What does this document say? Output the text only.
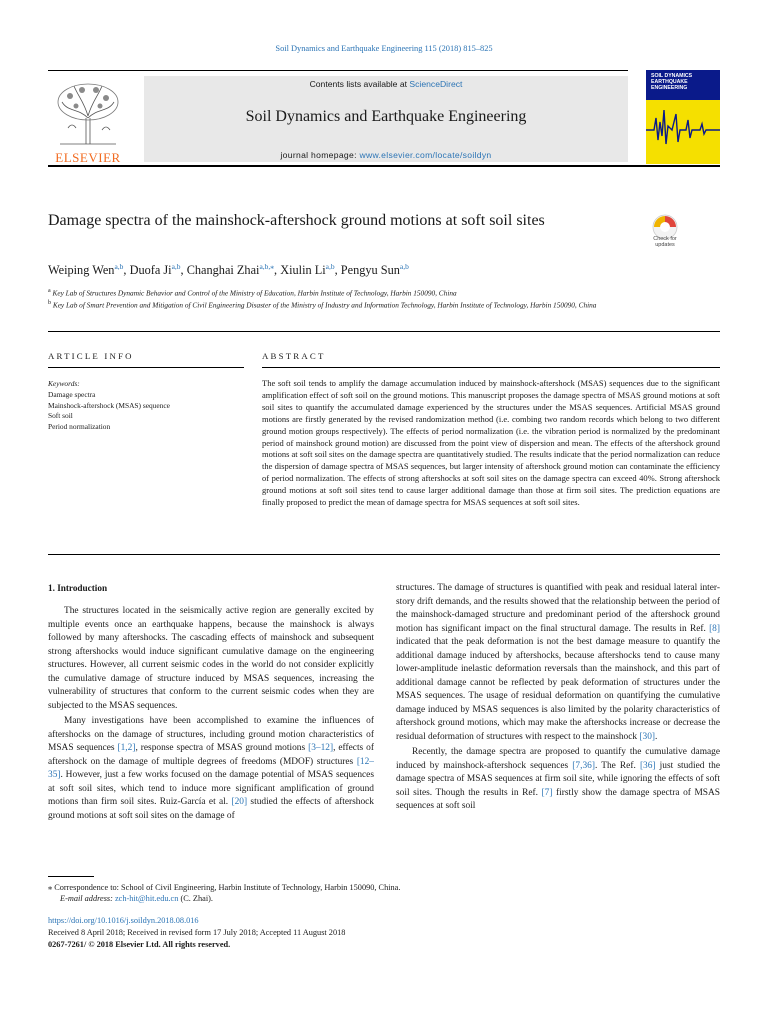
Soil Dynamics and Earthquake Engineering 115 (2018) 815–825
ELSEVIER
Contents lists available at ScienceDirect
Soil Dynamics and Earthquake Engineering
journal homepage: www.elsevier.com/locate/soildyn
SOIL DYNAMICS EARTHQUAKE ENGINEERING
Damage spectra of the mainshock-aftershock ground motions at soft soil sites
Check for updates
Weiping Wen$^{a,b}$, Duofa Ji$^{a,b}$, Changhai Zhai$^{a,b,⁎}$, Xiulin Li$^{a,b}$, Pengyu Sun$^{a,b}$
$^a$ Key Lab of Structures Dynamic Behavior and Control of the Ministry of Education, Harbin Institute of Technology, Harbin 150090, China
$^b$ Key Lab of Smart Prevention and Mitigation of Civil Engineering Disaster of the Ministry of Industry and Information Technology, Harbin Institute of Technology, Harbin 150090, China
ARTICLE INFO
Keywords:
Damage spectra
Mainshock-aftershock (MSAS) sequence
Soft soil
Period normalization
ABSTRACT
The soft soil tends to amplify the damage accumulation induced by mainshock-aftershock (MSAS) sequences due to the significant amplification effect of soft soil on the ground motions. This manuscript proposes the damage spectra of MSAS ground motions at soft soil sites to quantify the accumulated damage experienced by the structures under the MSAS sequences. Artificial MSAS ground motions are firstly generated by the revised randomization method (i.e. combing two random records which belong to two different ground motion groups respectively). The effects of period normalization (i.e. the vibration period is normalized by the predominant period of mainshock ground motion) are discussed from the point view of dispersion and mean. The effects of the aftershock ground motions at soft soil sites on the damage spectra are quantitatively studied. The results indicate that the period normalization can reduce the dispersion of damage spectra of MSAS sequences, but larger intensity of aftershock ground motion can contaminate the efficiency of period normalization. The effects of strong aftershocks at soft soil sites on the damage spectra can exceed 40%. Strong aftershock ground motions at soft soil sites tend to cause larger additional damage than those at firm soil sites. The prediction equations are finally proposed to predict the mean of damage spectra for MSAS sequences at soft soil sites.
1. Introduction

The structures located in the seismically active region are generally excited by multiple events once an earthquake happens, because the mainshock is always followed by many aftershocks. The cascading effects of mainshock and subsequent strong aftershocks would induce significant cumulative damage on the engineering structures. However, all current seismic codes in the world do not consider explicitly the cumulative damage of structure induced by MSAS sequences, increasing the vulnerability of structures that conform to the current seismic codes when they are subjected to the MSAS sequences.

Many investigations have been accomplished to examine the influences of aftershocks on the damage of structures, including ground motion characteristics of MSAS sequences [1,2], response spectra of MSAS ground motions [3–12], effects of aftershock on the damage of multiple degrees of freedoms (MDOF) structures [12–35]. However, just a few works focused on the damage potential of MSAS sequences at soft soil sites, which tend to induce more significant amplification of ground motions than firm soil sites. Ruiz-García et al. [20] studied the effects of aftershock ground motions at soft soil sites on the damage of

structures. The damage of structures is quantified with peak and residual lateral inter-story drift demands, and the results showed that the relationship between the period of the mainshock-damaged structure and predominant period of the aftershock ground motion has significant impact on the final structural damage. The results in Ref. [8] indicated that the peak deformation is not the best damage measure to quantify the additional damage induced by aftershocks, because aftershocks tend to cause many lower-amplitude inelastic deformation reversals than the mainshock, and this part of additional damage cannot be reflected by peak deformation of structures under the MSAS sequences. The usage of residual deformation on quantifying the cumulative damage induced by MSAS sequences is also limited by the polarity characteristics of aftershock ground motions, which may make the aftershocks increase or decrease the residual deformation of structures with respect to the mainshock [30].

Recently, the damage spectra are proposed to quantify the cumulative damage induced by mainshock-aftershock sequences [7,36]. The Ref. [36] just studied the damage spectra of MSAS sequences at firm soil site, while ignoring the effects of soft soil sites. Though the results in Ref. [7] firstly show the damage spectra of MSAS sequences at soft soil

⁎ Correspondence to: School of Civil Engineering, Harbin Institute of Technology, Harbin 150090, China.
E-mail address: zch-hit@hit.edu.cn (C. Zhai).
https://doi.org/10.1016/j.soildyn.2018.08.016
Received 8 April 2018; Received in revised form 17 July 2018; Accepted 11 August 2018
0267-7261/ © 2018 Elsevier Ltd. All rights reserved.
